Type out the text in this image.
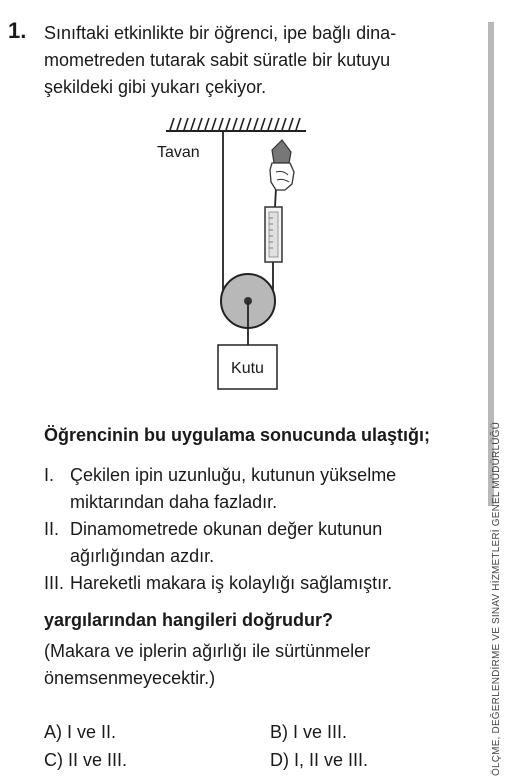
1. Sınıftaki etkinlikte bir öğrenci, ipe bağlı dina-
mometreden tutarak sabit süratle bir kutuyu
şekildeki gibi yukarı çekiyor.
Tavan
Kutu
Öğrencinin bu uygulama sonucunda ulaştığı;
I. Çekilen ipin uzunluğu, kutunun yükselme
miktarından daha fazladır.
II. Dinamometrede okunan değer kutunun
ağırlığından azdır.
III. Hareketli makara iş kolaylığı sağlamıştır.
yargılarından hangileri doğrudur?
(Makara ve iplerin ağırlığı ile sürtünmeler
önemsenmeyecektir.)
A) I ve II.	B) I ve III.
C) II ve III.	D) I, II ve III.	ÖLÇME, DEĞERLENDİRME VE SINAV HİZMETLERİ GENEL MÜDÜRLÜĞÜ
